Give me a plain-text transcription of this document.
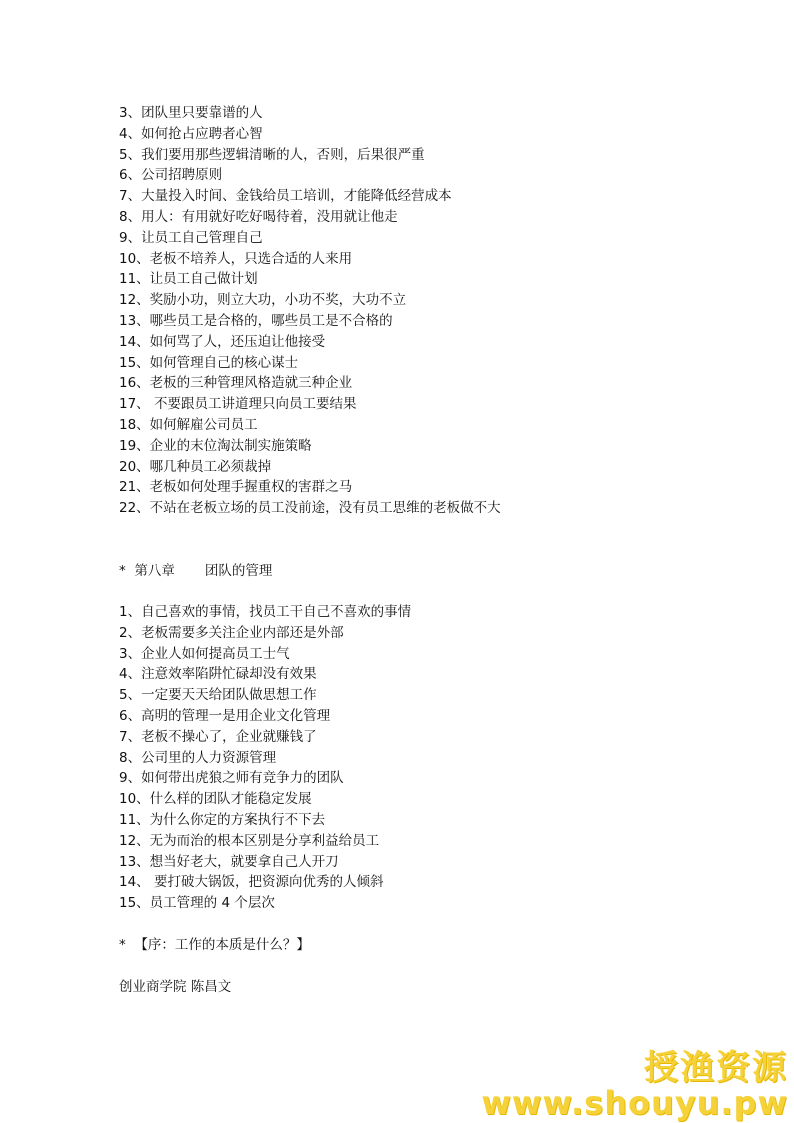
3、团队里只要靠谱的人
4、如何抢占应聘者心智
5、我们要用那些逻辑清晰的人，否则，后果很严重
6、公司招聘原则
7、大量投入时间、金钱给员工培训，才能降低经营成本
8、用人：有用就好吃好喝待着，没用就让他走
9、让员工自己管理自己
10、老板不培养人，只选合适的人来用
11、让员工自己做计划
12、奖励小功，则立大功，小功不奖，大功不立
13、哪些员工是合格的，哪些员工是不合格的
14、如何骂了人，还压迫让他接受
15、如何管理自己的核心谋士
16、老板的三种管理风格造就三种企业
17、 不要跟员工讲道理只向员工要结果
18、如何解雇公司员工
19、企业的末位淘汰制实施策略
20、哪几种员工必须裁掉
21、老板如何处理手握重权的害群之马
22、不站在老板立场的员工没前途，没有员工思维的老板做不大
*  第八章       团队的管理
1、自己喜欢的事情，找员工干自己不喜欢的事情
2、老板需要多关注企业内部还是外部
3、企业人如何提高员工士气
4、注意效率陷阱忙碌却没有效果
5、一定要天天给团队做思想工作
6、高明的管理一是用企业文化管理
7、老板不操心了，企业就赚钱了
8、公司里的人力资源管理
9、如何带出虎狼之师有竞争力的团队
10、什么样的团队才能稳定发展
11、为什么你定的方案执行不下去
12、无为而治的根本区别是分享利益给员工
13、想当好老大，就要拿自己人开刀
14、 要打破大锅饭，把资源向优秀的人倾斜
15、员工管理的 4 个层次
*  【序：工作的本质是什么？】
创业商学院 陈昌文
授渔资源
www.shouyu.pw
